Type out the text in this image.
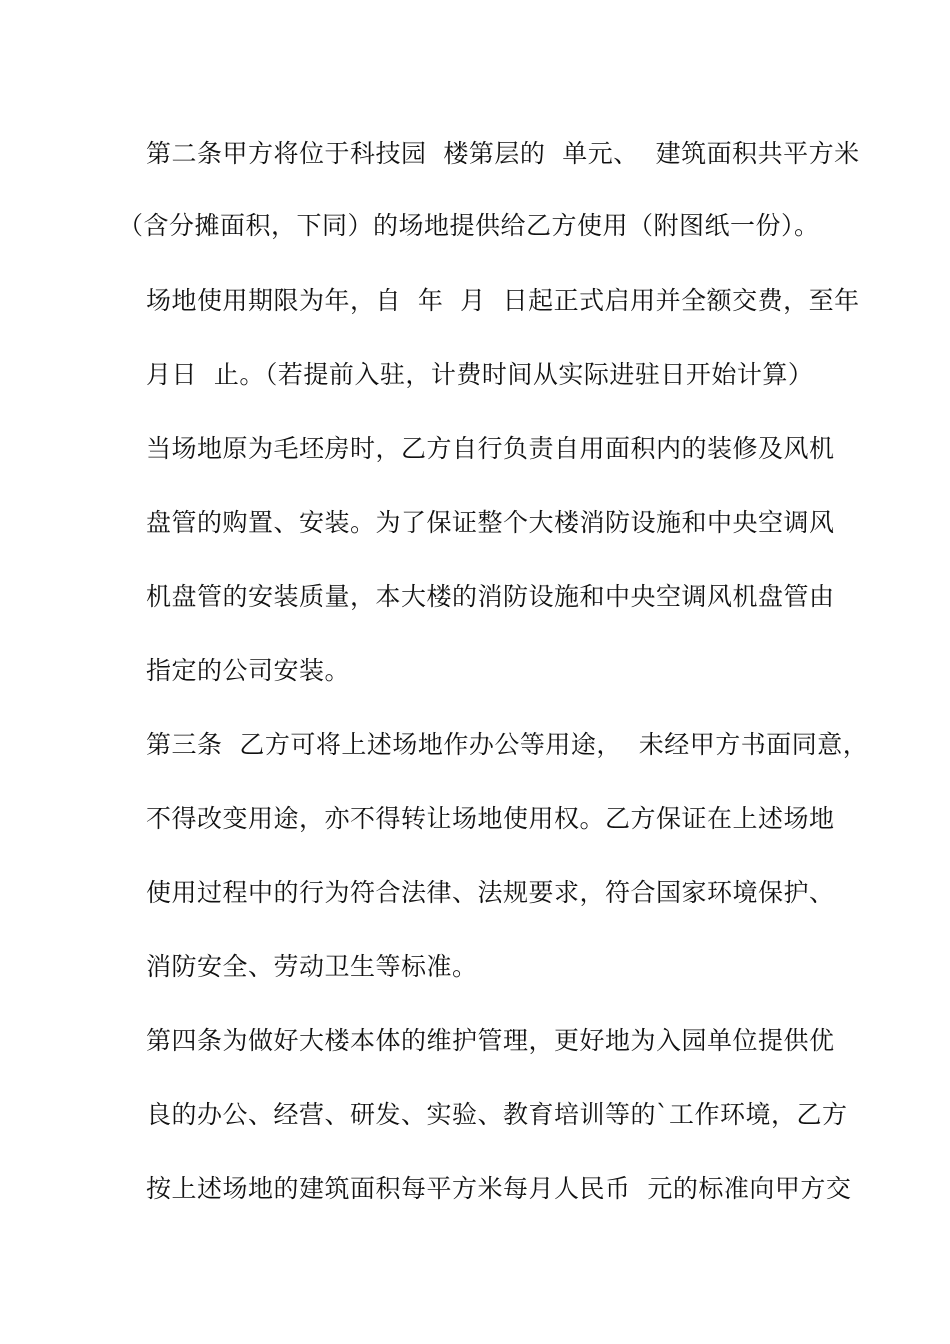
第二条甲方将位于科技园  楼第层的  单元、  建筑面积共平方米
（含分摊面积，下同）的场地提供给乙方使用（附图纸一份）。
场地使用期限为年，自  年  月  日起正式启用并全额交费，至年
月日  止。（若提前入驻，计费时间从实际进驻日开始计算）
当场地原为毛坯房时，乙方自行负责自用面积内的装修及风机
盘管的购置、安装。为了保证整个大楼消防设施和中央空调风
机盘管的安装质量，本大楼的消防设施和中央空调风机盘管由
指定的公司安装。
第三条  乙方可将上述场地作办公等用途，  未经甲方书面同意，
不得改变用途，亦不得转让场地使用权。乙方保证在上述场地
使用过程中的行为符合法律、法规要求，符合国家环境保护、
消防安全、劳动卫生等标准。
第四条为做好大楼本体的维护管理，更好地为入园单位提供优
良的办公、经营、研发、实验、教育培训等的`工作环境，乙方
按上述场地的建筑面积每平方米每月人民币  元的标准向甲方交
